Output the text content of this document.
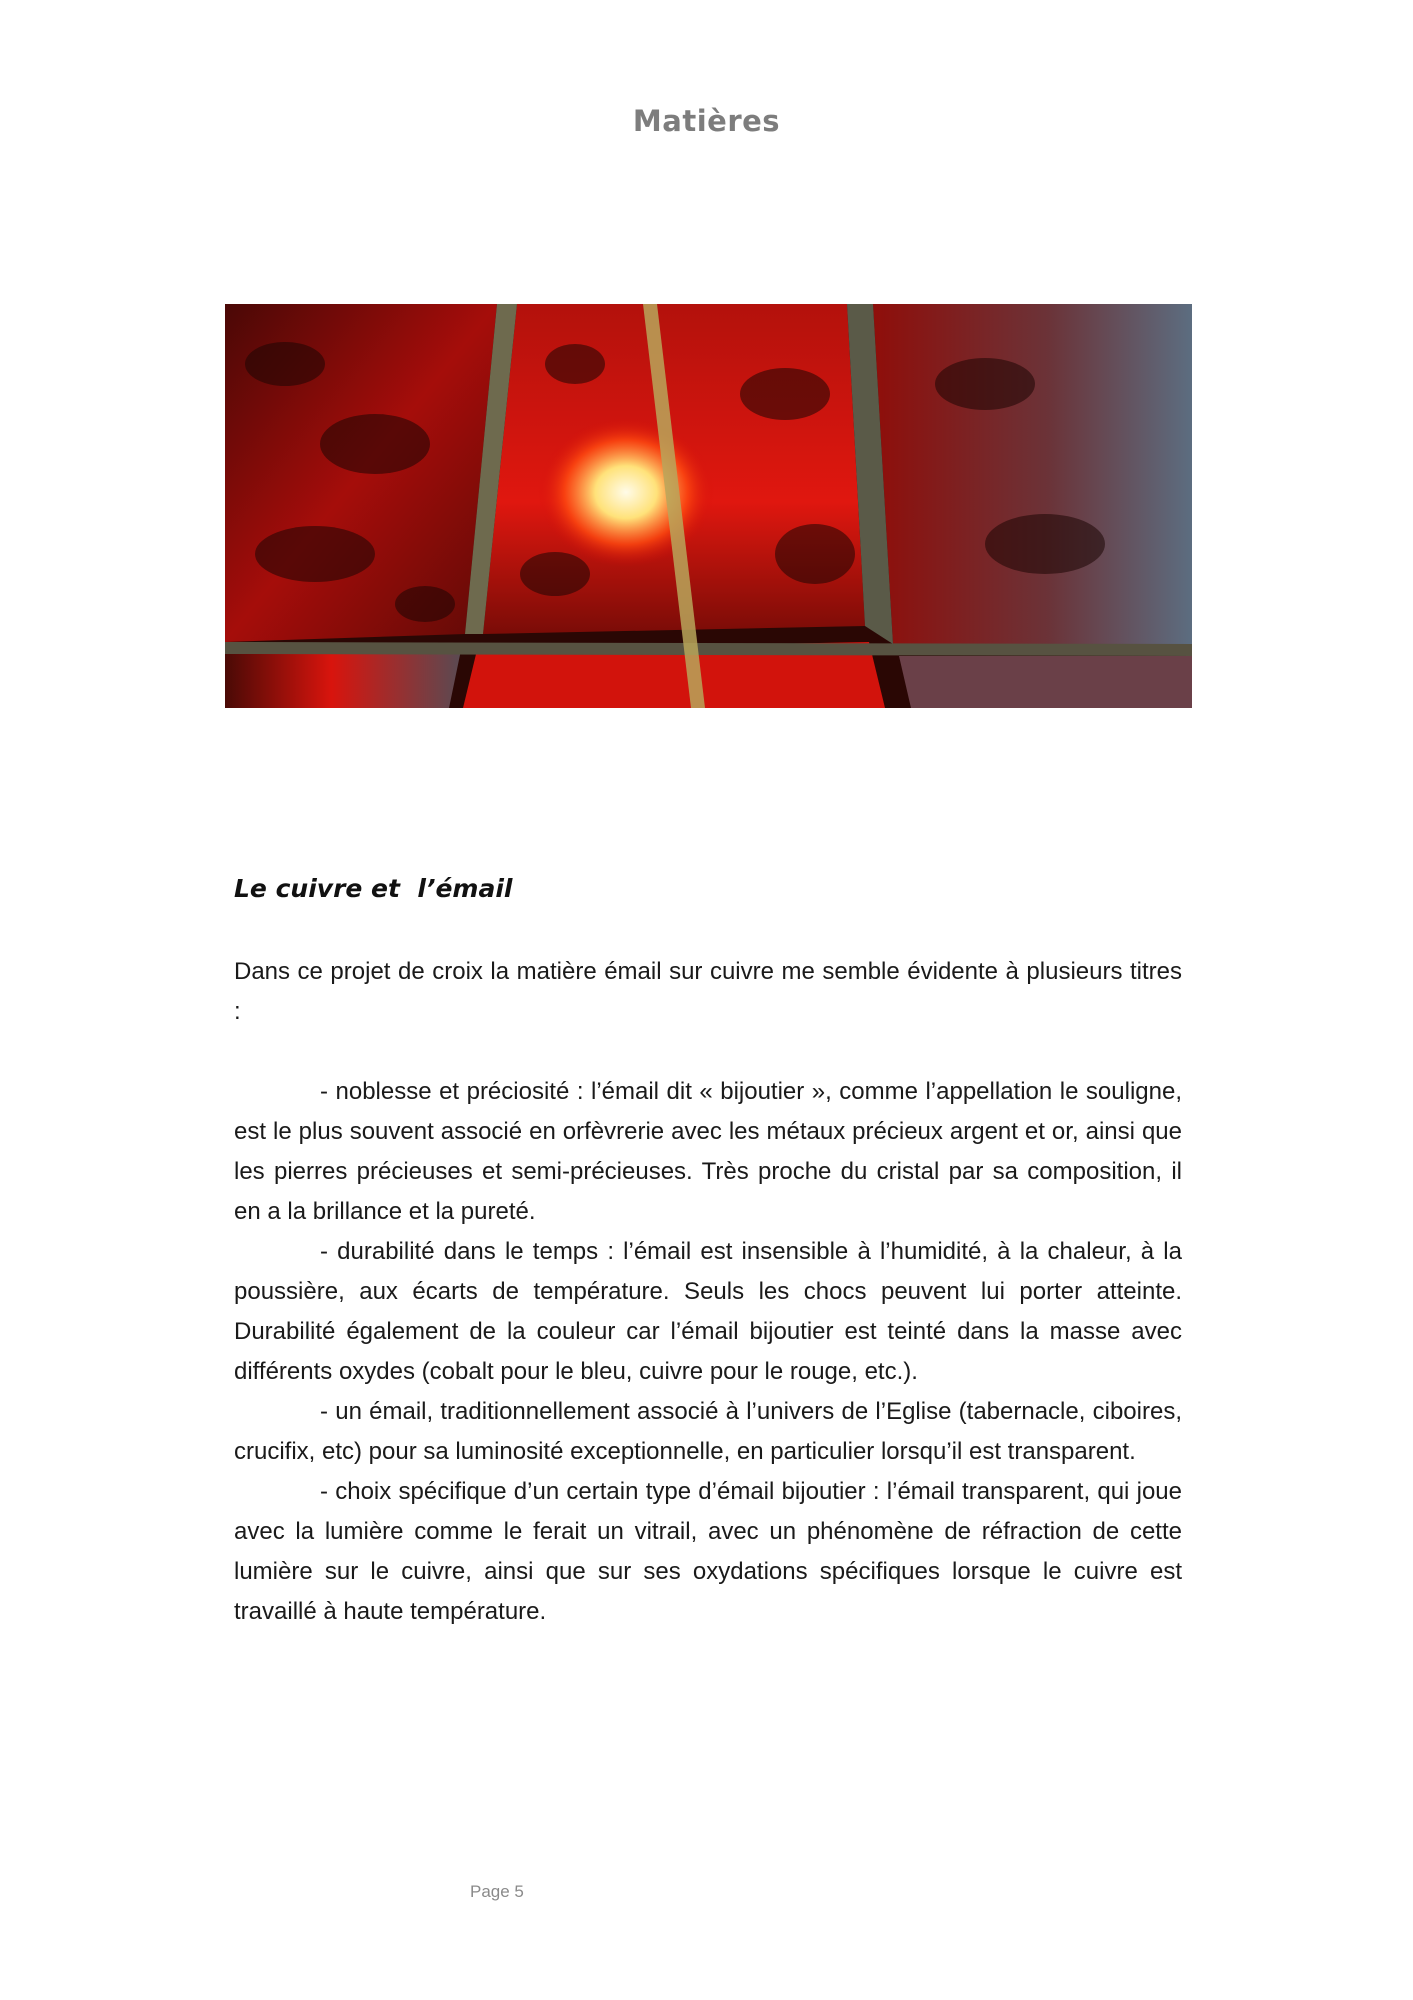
Matières
Le cuivre et  l’émail

Dans ce projet de croix la matière émail sur cuivre me semble évidente à plusieurs titres :

- noblesse et préciosité : l’émail dit « bijoutier », comme l’appellation le souligne, est le plus souvent associé en orfèvrerie avec les métaux précieux argent et or, ainsi que les pierres précieuses et semi-précieuses. Très proche du cristal par sa composition, il en a la brillance et la pureté.

- durabilité dans le temps : l’émail est insensible à l’humidité, à la chaleur, à la poussière, aux écarts de température. Seuls les chocs peuvent lui porter atteinte. Durabilité également de la couleur car l’émail bijoutier est teinté dans la masse avec différents oxydes (cobalt pour le bleu, cuivre pour le rouge, etc.).

- un émail, traditionnellement associé à l’univers de l’Eglise (tabernacle, ciboires, crucifix, etc) pour sa luminosité exceptionnelle, en particulier lorsqu’il est transparent.

- choix spécifique d’un certain type d’émail bijoutier : l’émail transparent, qui joue avec la lumière comme le ferait un vitrail, avec un phénomène de réfraction de cette lumière sur le cuivre, ainsi que sur ses oxydations spécifiques lorsque le cuivre est travaillé à haute température.

Page 5
